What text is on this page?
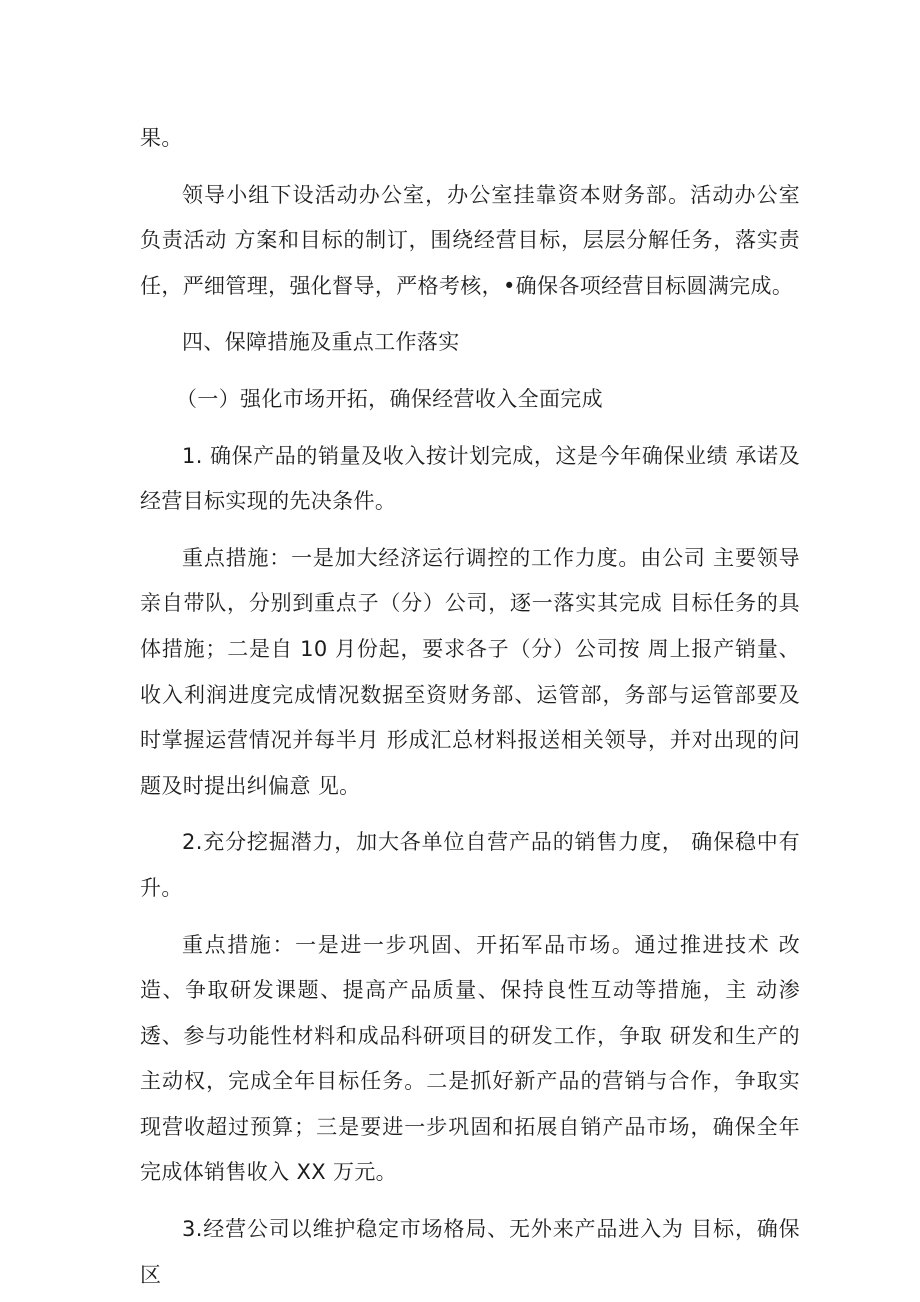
果。

领导小组下设活动办公室，办公室挂靠资本财务部。活动办公室负责活动 方案和目标的制订，围绕经营目标，层层分解任务，落实责任，严细管理，强化督导，严格考核，•确保各项经营目标圆满完成。

四、保障措施及重点工作落实

（一）强化市场开拓，确保经营收入全面完成

1. 确保产品的销量及收入按计划完成，这是今年确保业绩 承诺及经营目标实现的先决条件。

重点措施：一是加大经济运行调控的工作力度。由公司 主要领导亲自带队，分别到重点子（分）公司，逐一落实其完成 目标任务的具体措施；二是自 10 月份起，要求各子（分）公司按 周上报产销量、收入利润进度完成情况数据至资财务部、运管部，务部与运管部要及时掌握运营情况并每半月 形成汇总材料报送相关领导，并对出现的问题及时提出纠偏意 见。

2.充分挖掘潜力，加大各单位自营产品的销售力度， 确保稳中有升。

重点措施：一是进一步巩固、开拓军品市场。通过推进技术 改造、争取研发课题、提高产品质量、保持良性互动等措施，主 动渗透、参与功能性材料和成品科研项目的研发工作，争取 研发和生产的主动权，完成全年目标任务。二是抓好新产品的营销与合作，争取实现营收超过预算；三是要进一步巩固和拓展自销产品市场，确保全年完成体销售收入 XX 万元。

3.经营公司以维护稳定市场格局、无外来产品进入为 目标，确保区
